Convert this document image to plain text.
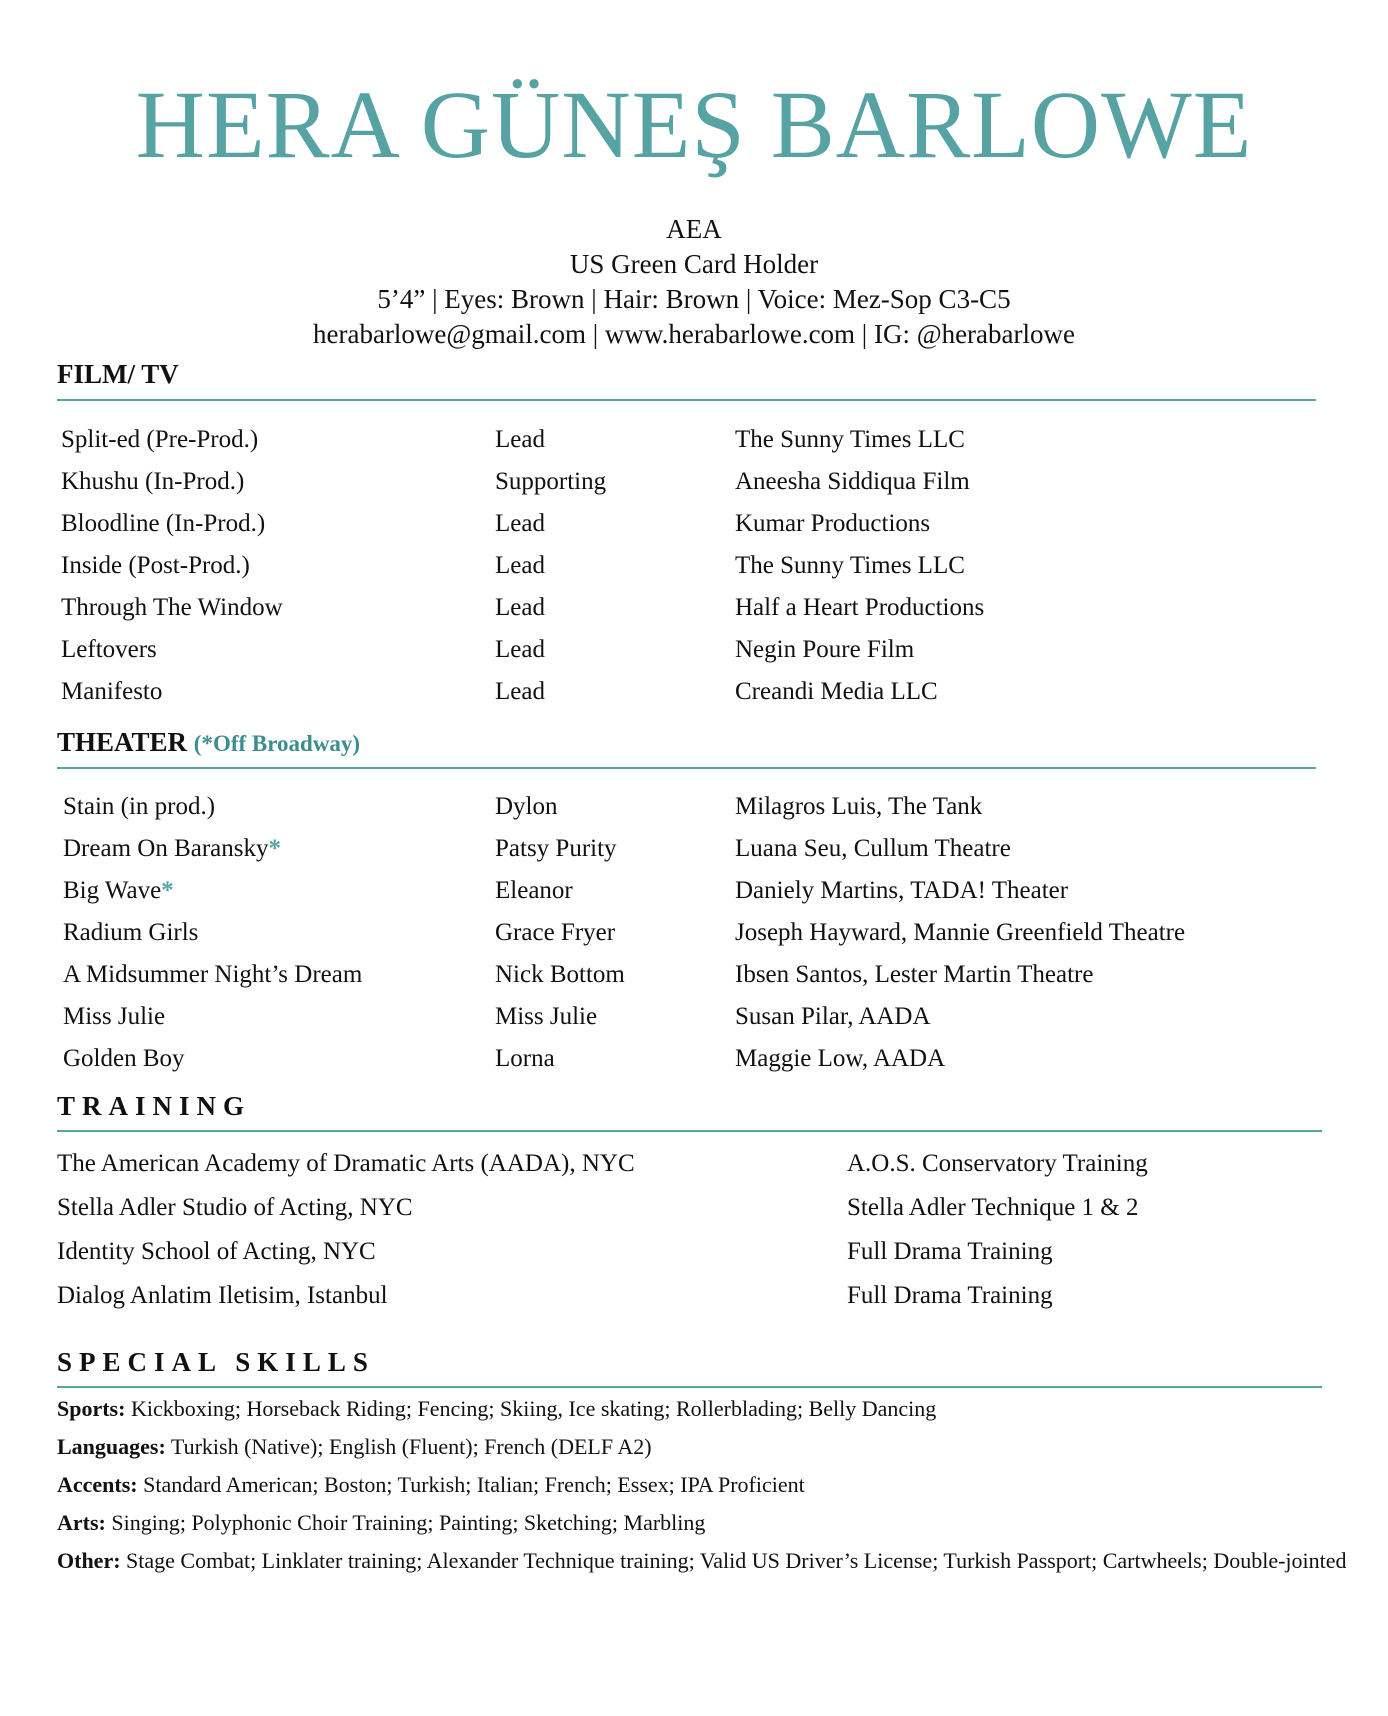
HERA GÜNEŞ BARLOWE
AEA
US Green Card Holder
5’4” | Eyes: Brown | Hair: Brown | Voice: Mez-Sop C3-C5
herabarlowe@gmail.com | www.herabarlowe.com | IG: @herabarlowe
FILM/ TV
Split-ed (Pre-Prod.)	Lead	The Sunny Times LLC
Khushu (In-Prod.)	Supporting	Aneesha Siddiqua Film
Bloodline (In-Prod.)	Lead	Kumar Productions
Inside (Post-Prod.)	Lead	The Sunny Times LLC
Through The Window	Lead	Half a Heart Productions
Leftovers	Lead	Negin Poure Film
Manifesto	Lead	Creandi Media LLC
THEATER (*Off Broadway)
Stain (in prod.)	Dylon	Milagros Luis, The Tank
Dream On Baransky*	Patsy Purity	Luana Seu, Cullum Theatre
Big Wave*	Eleanor	Daniely Martins, TADA! Theater
Radium Girls	Grace Fryer	Joseph Hayward, Mannie Greenfield Theatre
A Midsummer Night’s Dream	Nick Bottom	Ibsen Santos, Lester Martin Theatre
Miss Julie	Miss Julie	Susan Pilar, AADA
Golden Boy	Lorna	Maggie Low, AADA
TRAINING
The American Academy of Dramatic Arts (AADA), NYC	A.O.S. Conservatory Training
Stella Adler Studio of Acting, NYC	Stella Adler Technique 1 & 2
Identity School of Acting, NYC	Full Drama Training
Dialog Anlatim Iletisim, Istanbul	Full Drama Training
SPECIAL SKILLS
Sports: Kickboxing; Horseback Riding; Fencing; Skiing, Ice skating; Rollerblading; Belly Dancing
Languages: Turkish (Native); English (Fluent); French (DELF A2)
Accents: Standard American; Boston; Turkish; Italian; French; Essex; IPA Proficient
Arts: Singing; Polyphonic Choir Training; Painting; Sketching; Marbling
Other: Stage Combat; Linklater training; Alexander Technique training; Valid US Driver’s License; Turkish Passport; Cartwheels; Double-jointed
